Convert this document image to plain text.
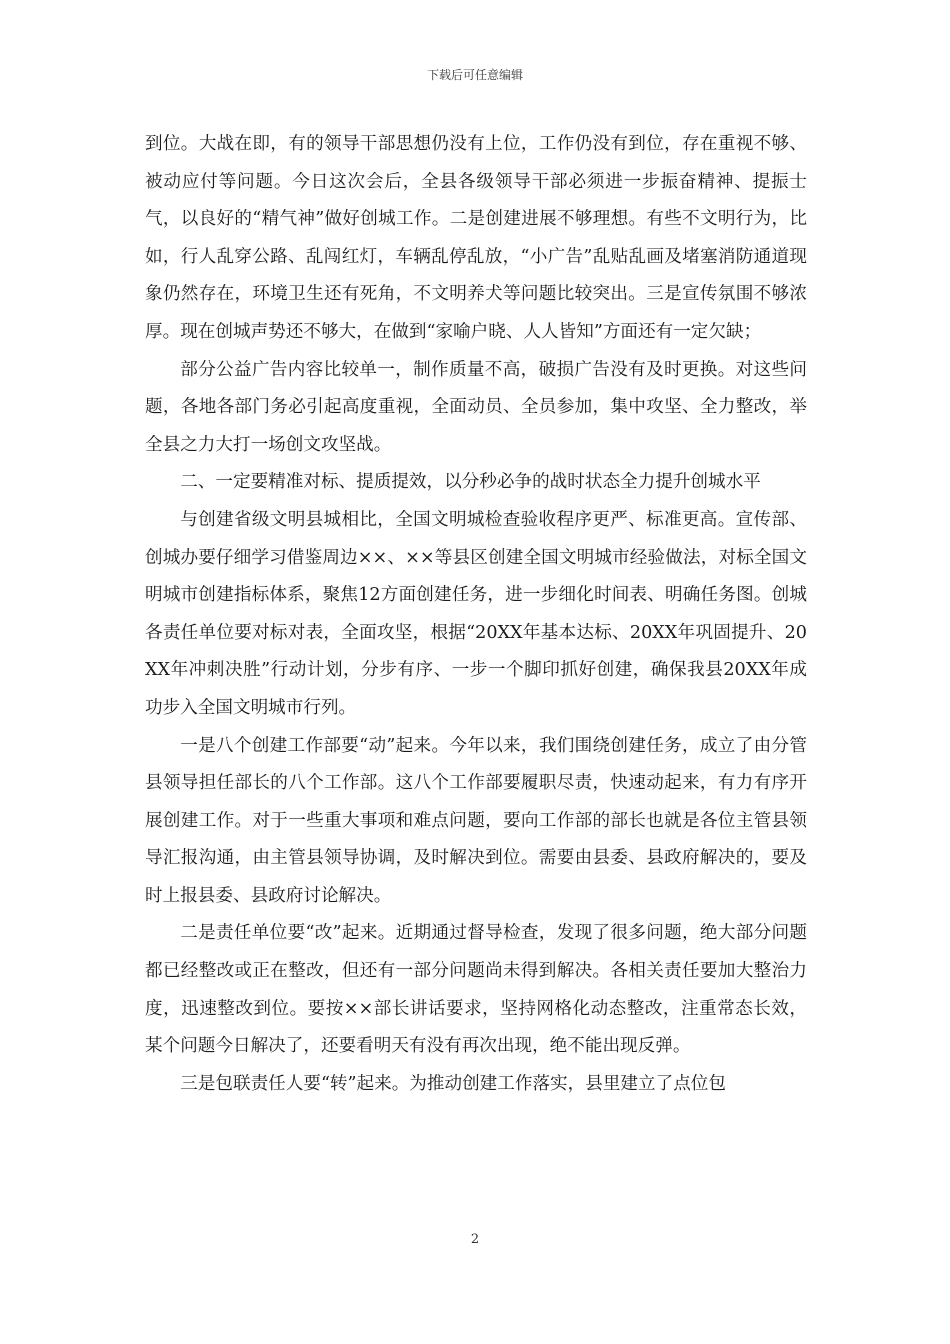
下载后可任意编辑

到位。大战在即，有的领导干部思想仍没有上位，工作仍没有到位，存在重视不够、被动应付等问题。今日这次会后，全县各级领导干部必须进一步振奋精神、提振士气，以良好的“精气神”做好创城工作。二是创建进展不够理想。有些不文明行为，比如，行人乱穿公路、乱闯红灯，车辆乱停乱放，“小广告”乱贴乱画及堵塞消防通道现象仍然存在，环境卫生还有死角，不文明养犬等问题比较突出。三是宣传氛围不够浓厚。现在创城声势还不够大，在做到“家喻户晓、人人皆知”方面还有一定欠缺；

部分公益广告内容比较单一，制作质量不高，破损广告没有及时更换。对这些问题，各地各部门务必引起高度重视，全面动员、全员参加，集中攻坚、全力整改，举全县之力大打一场创文攻坚战。

二、一定要精准对标、提质提效，以分秒必争的战时状态全力提升创城水平

与创建省级文明县城相比，全国文明城检查验收程序更严、标准更高。宣传部、创城办要仔细学习借鉴周边××、××等县区创建全国文明城市经验做法，对标全国文明城市创建指标体系，聚焦12方面创建任务，进一步细化时间表、明确任务图。创城各责任单位要对标对表，全面攻坚，根据“20XX年基本达标、20XX年巩固提升、20XX年冲刺决胜”行动计划，分步有序、一步一个脚印抓好创建，确保我县20XX年成功步入全国文明城市行列。

一是八个创建工作部要“动”起来。今年以来，我们围绕创建任务，成立了由分管县领导担任部长的八个工作部。这八个工作部要履职尽责，快速动起来，有力有序开展创建工作。对于一些重大事项和难点问题，要向工作部的部长也就是各位主管县领导汇报沟通，由主管县领导协调，及时解决到位。需要由县委、县政府解决的，要及时上报县委、县政府讨论解决。

二是责任单位要“改”起来。近期通过督导检查，发现了很多问题，绝大部分问题都已经整改或正在整改，但还有一部分问题尚未得到解决。各相关责任要加大整治力度，迅速整改到位。要按××部长讲话要求，坚持网格化动态整改，注重常态长效，某个问题今日解决了，还要看明天有没有再次出现，绝不能出现反弹。

三是包联责任人要“转”起来。为推动创建工作落实，县里建立了点位包

2
